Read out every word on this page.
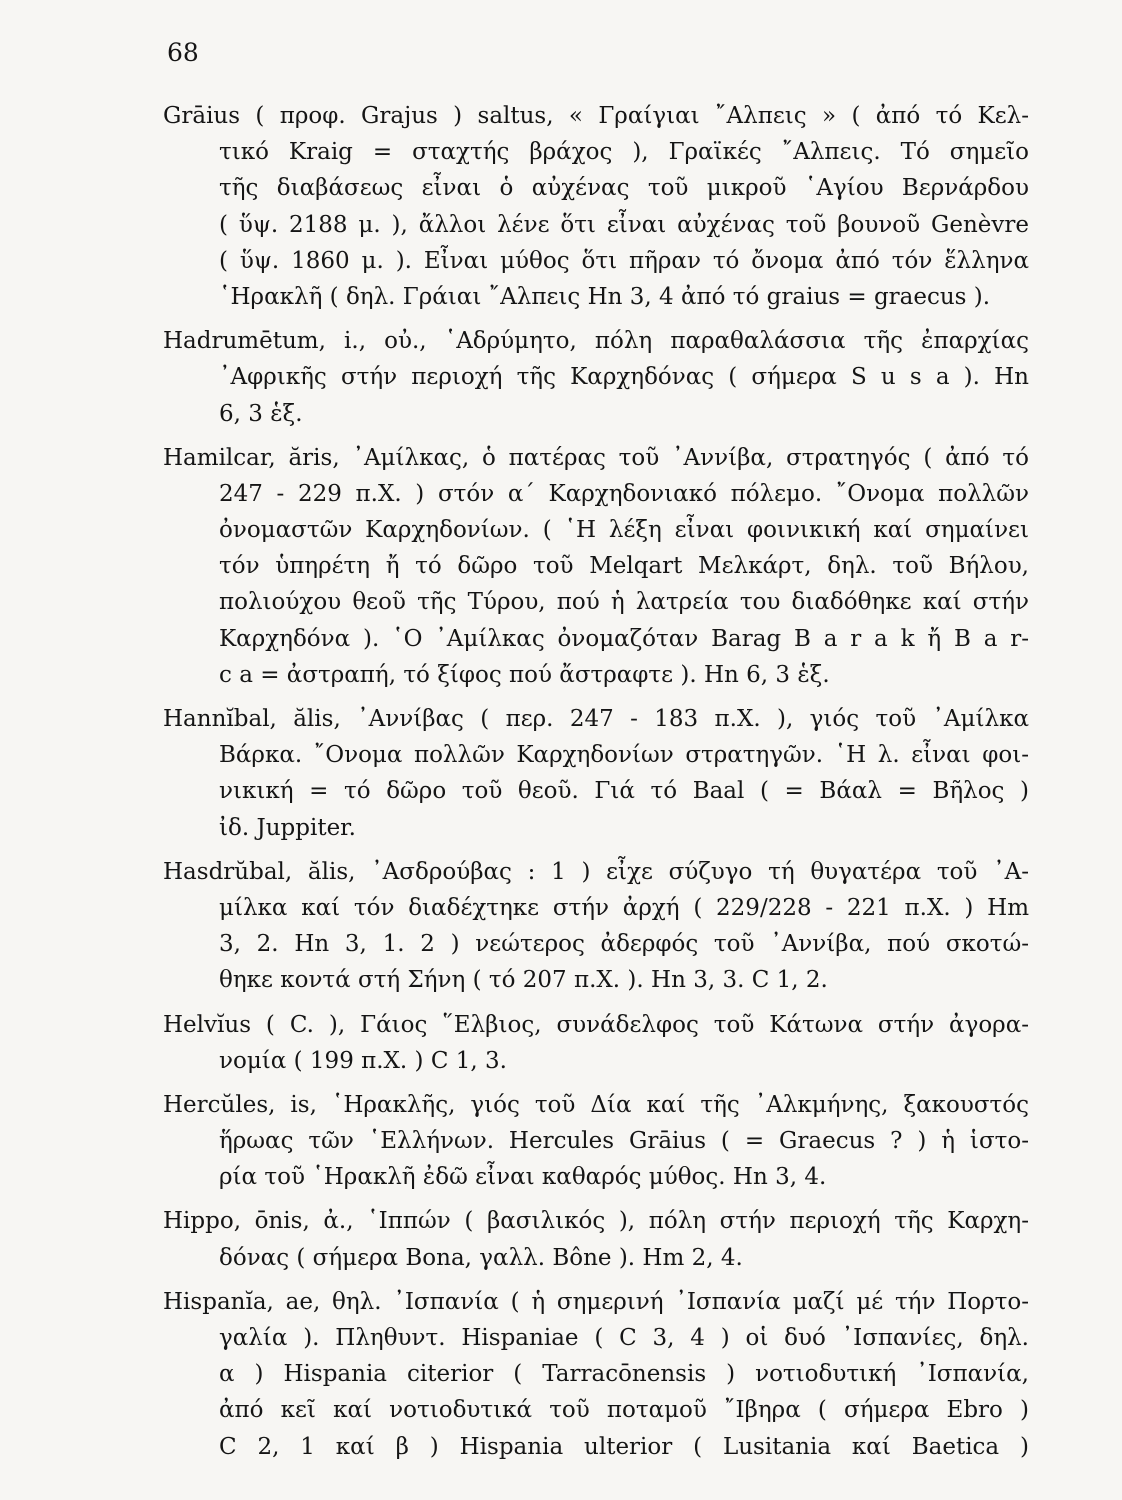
68
Grāius ( προφ. Grajus ) saltus, « Γραίγιαι ῎Αλπεις » ( ἀπό τό Κελ-
τικό Kraig = σταχτής βράχος ), Γραϊκές ῎Αλπεις. Τό σημεῖο
τῆς διαβάσεως εἶναι ὁ αὐχένας τοῦ μικροῦ ῾Αγίου Βερνάρδου
( ὕψ. 2188 μ. ), ἄλλοι λένε ὅτι εἶναι αὐχένας τοῦ βουνοῦ Genèvre
( ὕψ. 1860 μ. ). Εἶναι μύθος ὅτι πῆραν τό ὄνομα ἀπό τόν ἕλληνα
῾Ηρακλῆ ( δηλ. Γράιαι ῎Αλπεις Hn 3, 4 ἀπό τό graius = graecus ).
Hadrumētum, i., οὐ., ῾Αδρύμητο, πόλη παραθαλάσσια τῆς ἐπαρχίας
᾿Αφρικῆς στήν περιοχή τῆς Καρχηδόνας ( σήμερα S u s a ). Hn
6, 3 ἑξ.
Hamilcar, ăris, ᾿Αμίλκας, ὁ πατέρας τοῦ ᾿Αννίβα, στρατηγός ( ἀπό τό
247 - 229 π.Χ. ) στόν α΄ Καρχηδονιακό πόλεμο. ῎Ονομα πολλῶν
ὀνομαστῶν Καρχηδονίων. ( ῾Η λέξη εἶναι φοινικική καί σημαίνει
τόν ὑπηρέτη ἤ τό δῶρο τοῦ Melqart Μελκάρτ, δηλ. τοῦ Βήλου,
πολιούχου θεοῦ τῆς Τύρου, πού ἡ λατρεία του διαδόθηκε καί στήν
Καρχηδόνα ). ῾Ο ᾿Αμίλκας ὀνομαζόταν Barag B a r a k ἤ B a r-
c a = ἀστραπή, τό ξίφος πού ἄστραφτε ). Hn 6, 3 ἑξ.
Hannĭbal, ălis, ᾿Αννίβας ( περ. 247 - 183 π.Χ. ), γιός τοῦ ᾿Αμίλκα
Βάρκα. ῎Ονομα πολλῶν Καρχηδονίων στρατηγῶν. ῾Η λ. εἶναι φοι-
νικική = τό δῶρο τοῦ θεοῦ. Γιά τό Baal ( = Βάαλ = Βῆλος )
ἰδ. Juppiter.
Hasdrŭbal, ălis, ᾿Ασδρούβας : 1 ) εἶχε σύζυγο τή θυγατέρα τοῦ ᾿Α-
μίλκα καί τόν διαδέχτηκε στήν ἀρχή ( 229/228 - 221 π.Χ. ) Hm
3, 2. Hn 3, 1. 2 ) νεώτερος ἀδερφός τοῦ ᾿Αννίβα, πού σκοτώ-
θηκε κοντά στή Σήνη ( τό 207 π.Χ. ). Hn 3, 3. C 1, 2.
Helvĭus ( C. ), Γάιος ῞Ελβιος, συνάδελφος τοῦ Κάτωνα στήν ἀγορα-
νομία ( 199 π.Χ. ) C 1, 3.
Hercŭles, is, ῾Ηρακλῆς, γιός τοῦ Δία καί τῆς ᾿Αλκμήνης, ξακουστός
ἥρωας τῶν ῾Ελλήνων. Hercules Grāius ( = Graecus ? ) ἡ ἱστο-
ρία τοῦ ῾Ηρακλῆ ἐδῶ εἶναι καθαρός μύθος. Hn 3, 4.
Hippo, ōnis, ἀ., ῾Ιππών ( βασιλικός ), πόλη στήν περιοχή τῆς Καρχη-
δόνας ( σήμερα Bona, γαλλ. Bône ). Hm 2, 4.
Hispanĭa, ae, θηλ. ᾿Ισπανία ( ἡ σημερινή ᾿Ισπανία μαζί μέ τήν Πορτο-
γαλία ). Πληθυντ. Hispaniae ( C 3, 4 ) οἱ δυό ᾿Ισπανίες, δηλ.
α ) Hispania citerior ( Tarracōnensis ) νοτιοδυτική ᾿Ισπανία,
ἀπό κεῖ καί νοτιοδυτικά τοῦ ποταμοῦ ῎Ιβηρα ( σήμερα Ebro )
C 2, 1 καί β ) Hispania ulterior ( Lusitania καί Baetica )
